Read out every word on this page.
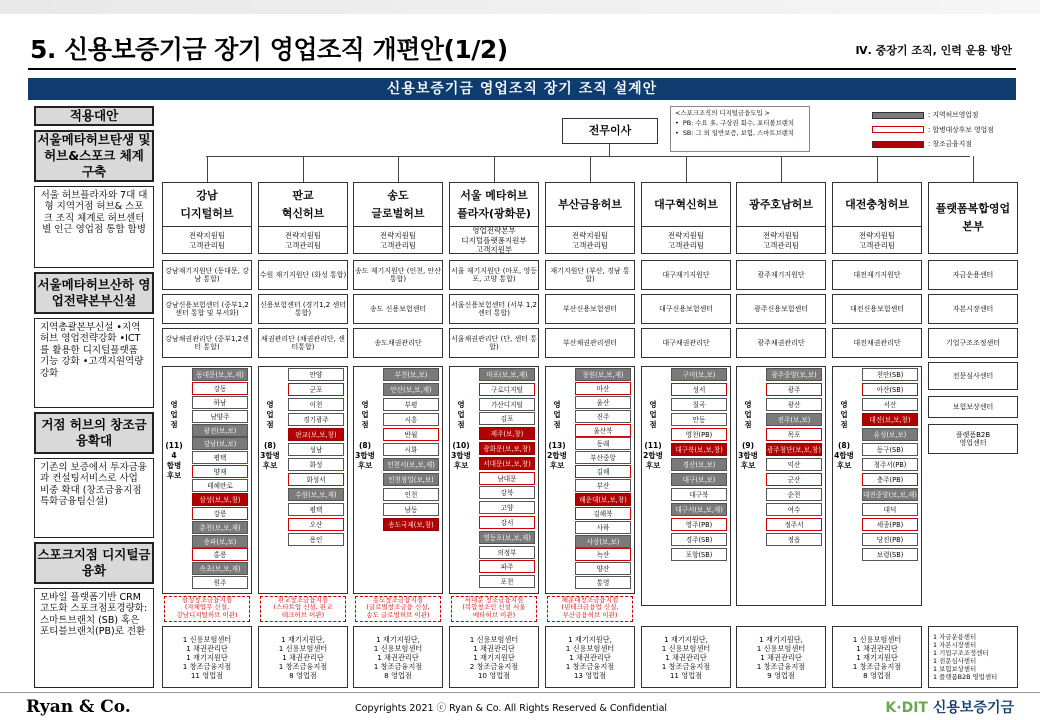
5. 신용보증기금 장기 영업조직 개편안(1/2)	Ⅳ. 중장기 조직, 인력 운용 방안
신용보증기금 영업조직 장기 조직 설계안
적용대안
서울메타허브탄생 및 허브&스포크 체계 구축
서울 허브플라자와 7대 대형 지역거점 허브& 스포크 조직 체계로 허브센터별 인근 영업점 통합 합병
서울메타허브산하 영업전략본부신설
지역총괄본부신설 •지역허브 영업전략강화 •ICT를 활용한 디지털플랫폼 기능 강화 •고객지원역량강화
거점 허브의 창조금융확대
기존의 보증에서 투자금융과 컨설팅서비스로 사업 비중 확대 (창조금융지점 특화금융팀신설)
스포크지점 디지털금융화
모바일 플랫폼기반 CRM고도화 스포크점포경량화: 스마트브랜치 (SB) 혹은 포티블브랜치(PB)로 전환
전무이사
<스포크조직의 디지털금융도입 >
•  PB: 수요 多, 구상권 회수, 포티볼브랜치
•  SB: 그 외 일반보증, 보험, 스마트브랜치
: 지역허브영업점
: 합병대상후보 영업점
: 창조금융지점
강남
디지털허브
전략지원팀
고객관리팀
강남재기지원단 (동대문, 강남 통합)
강남신용보험센터 (중부1,2센터 통합 및 부서화)
강남채권관리단 (중부1,2센터 통합)
영
업
점

(11)
4
합병
후보
동대문(보,보,재)
강동
하남
남양주
광진(보,보)
강남(보,보)
평택
양재
테헤란로
삼성(보,보,창)
강릉
춘천(보,보,재)
송파(보,보)
홍릉
속초(보,보,재)
원주
삼성창조금융지점
(자체업무 신설,
강남디지털허브 이관)
1 신용보험센터
1 채권관리단
1 재기지원단
1 창조금융지점
11 영업점
판교
혁신허브
전략지원팀
고객관리팀
수원 재기지원단 (화성 통합)
신용보험센터 (경기1,2 센터 통합)
채권관리단 (채권관리단, 센터통합)
영
업
점

(8)
3합병
후보
안양
군포
이천
경기광주
판교(보,보,창)
성남
화성
화성서
수원(보,보,재)
평택
오산
용인
판교창조금융지점
(스타트업 신설, 판교
테크허브 이관)
1 재기지원단,
1 신용보험센터
1 채권관리단
1 창조금융지점
8 영업점
송도
글로벌허브
전략지원팀
고객관리팀
송도 재기지원단 (인천, 안산 통합)
송도 신용보험센터
송도채권관리단
영
업
점

(8)
3합병
후보
부천(보,보)
안산(보,보,재)
부평
시흥
반월
시화
인천서(보,보,재)
인천창업(보,보)
인천
남동
송도국제(보,창)
송도창조금융지점
(글로벌창조금융 신설,
송도 글로벌허브 이관)
1 재기지원단,
1 신용보험센터
1 채권관리단
1 창조금융지점
8 영업점
서울 메타허브
플라자(광화문)
영업전략본부
디지털플랫폼지원부
고객지원부
서울 재기지원단 (마포, 영등포, 고양 통합)
서울신용보험센터 (서부 1,2 센터 통합)
서울채권관리단 (단, 센터 통합)
영
업
점

(10)
3합병
후보
마포(보,보,재)
구로디지털
가산디지털
김포
제주(보,창)
광화문(보,보,창)
서대문(보,보,창)
남대문
강북
고양
강서
영등포(보,보,재)
의정부
파주
포천
서대문 창조금융지점
(복합창조인 신설 서울
메타허브 이관)
1 신용보험센터
1 채권관리단
1 재기지원단
2 창조금융지점
10 영업점
부산금융허브
전략지원팀
고객관리팀
재기지원단 (부산, 경남 통합)
부산신용보험센터
부산채권관리센터
영
업
점

(13)
2합병
후보
창원(보,보,재)
마산
울산
진주
울산북
동래
부산중앙
김해
부산
해운대(보,보,창)
김해북
사하
사상(보,보)
녹산
양산
통영
해운대창조금융지점
(핀테크금융업 신설,
부산금융허브 이관)
1 재기지원단,
1 신용보험센터
1 채권관리단
1 창조금융지점
13 영업점
대구혁신허브
전략지원팀
고객관리팀
대구재기지원단
대구신용보험센터
대구채권관리단
영
업
점

(11)
2합병
후보
구미(보,보)
성서
칠곡
안동
영천(PB)
대구북(보,보,창)
경산(보,보)
대구(보,보)
대구북
대구서(보,보,재)
영주(PB)
경주(SB)
포항(SB)
1 재기지원단,
1 신용보험센터
1 채권관리단
1 창조금융지점
11 영업점
광주호남허브
전략지원팀
고객관리팀
광주재기지원단
광주신용보험센터
광주채권관리단
영
업
점

(9)
3합병
후보
광주중앙(보,보)
광주
광산
전주(보,보)
목포
광주첨단(보,보,창)
익산
군산
순천
여수
정주서
정읍
1 재기지원단,
1 신용보험센터
1 채권관리단
1 창조금융지점
9 영업점
대전충청허브
전략지원팀
고객관리팀
대전재기지원단
대전신용보험센터
대전채권관리단
영
업
점

(8)
4합병
후보
천안(SB)
아산(SB)
서산
대전(보,보,창)
유성(보,보)
동구(SB)
청주서(PB)
충주(PB)
대전중앙(보,보,재)
대덕
세종(PB)
당진(PB)
보령(SB)
1 신용보험센터
1 채권관리단
1 재기지원단
1 창조금융지점
8 영업점
플랫폼복합영업
본부
자금운용센터
자본시장센터
기업구조조정센터
전문심사센터
보험보상센터
플랫폼B2B
영업센터
1 자금운용센터
1 자본시장센터
1 기업구조조정센터
1 전문심사센터
1 보험보상센터
1 플랫폼B2B 영업센터
Ryan & Co.	Copyrights 2021 ⓒ Ryan & Co. All Rights Reserved & Confidential	K·DIT 신용보증기금
